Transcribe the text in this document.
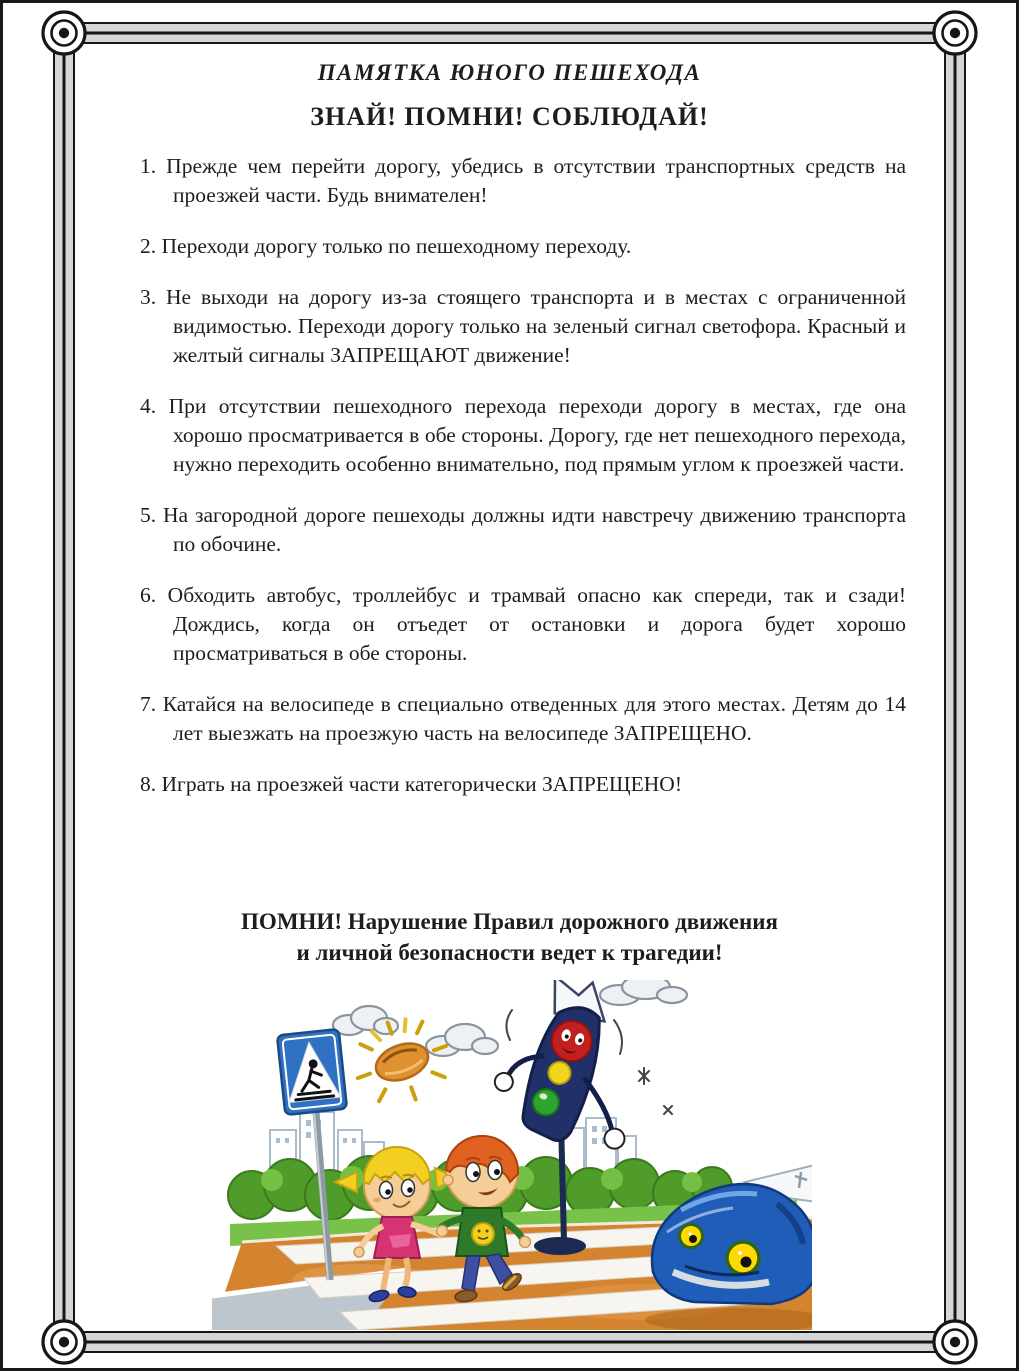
ПАМЯТКА ЮНОГО ПЕШЕХОДА
ЗНАЙ! ПОМНИ! СОБЛЮДАЙ!
1. Прежде чем перейти дорогу, убедись в отсутствии транспортных средств на проезжей части. Будь внимателен!
2. Переходи дорогу только по пешеходному переходу.
3. Не выходи на дорогу из-за стоящего транспорта и в местах с ограниченной видимостью. Переходи дорогу только на зеленый сигнал светофора. Красный и желтый сигналы ЗАПРЕЩАЮТ движение!
4. При отсутствии пешеходного перехода переходи дорогу в местах, где она хорошо просматривается в обе стороны. Дорогу, где нет пешеходного перехода, нужно переходить особенно внимательно, под прямым углом к проезжей части.
5. На загородной дороге пешеходы должны идти навстречу движению транспорта по обочине.
6. Обходить автобус, троллейбус и трамвай опасно как спереди, так и сзади! Дождись, когда он отъедет от остановки и дорога будет хорошо просматриваться в обе стороны.
7. Катайся на велосипеде в специально отведенных для этого местах. Детям до 14 лет выезжать на проезжую часть на велосипеде ЗАПРЕЩЕНО.
8. Играть на проезжей части категорически ЗАПРЕЩЕНО!
ПОМНИ! Нарушение Правил дорожного движения
и личной безопасности ведет к трагедии!
